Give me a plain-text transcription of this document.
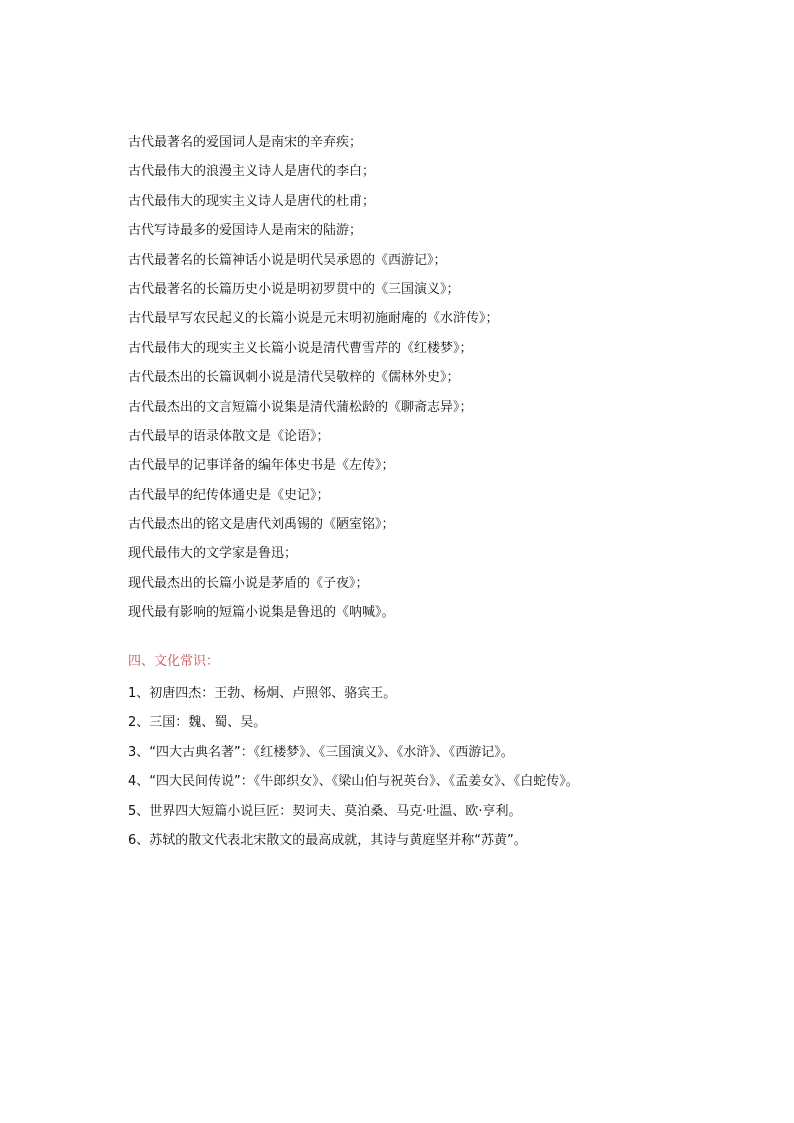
古代最著名的爱国词人是南宋的辛弃疾；
古代最伟大的浪漫主义诗人是唐代的李白；
古代最伟大的现实主义诗人是唐代的杜甫；
古代写诗最多的爱国诗人是南宋的陆游；
古代最著名的长篇神话小说是明代吴承恩的《西游记》；
古代最著名的长篇历史小说是明初罗贯中的《三国演义》；
古代最早写农民起义的长篇小说是元末明初施耐庵的《水浒传》；
古代最伟大的现实主义长篇小说是清代曹雪芹的《红楼梦》；
古代最杰出的长篇讽刺小说是清代吴敬梓的《儒林外史》；
古代最杰出的文言短篇小说集是清代蒲松龄的《聊斋志异》；
古代最早的语录体散文是《论语》；
古代最早的记事详备的编年体史书是《左传》；
古代最早的纪传体通史是《史记》；
古代最杰出的铭文是唐代刘禹锡的《陋室铭》；
现代最伟大的文学家是鲁迅；
现代最杰出的长篇小说是茅盾的《子夜》；
现代最有影响的短篇小说集是鲁迅的《呐喊》。
四、文化常识：
1、初唐四杰：王勃、杨炯、卢照邻、骆宾王。
2、三国：魏、蜀、吴。
3、“四大古典名著”：《红楼梦》、《三国演义》、《水浒》、《西游记》。
4、“四大民间传说”：《牛郎织女》、《梁山伯与祝英台》、《孟姜女》、《白蛇传》。
5、世界四大短篇小说巨匠：契诃夫、莫泊桑、马克·吐温、欧·亨利。
6、苏轼的散文代表北宋散文的最高成就，其诗与黄庭坚并称“苏黄”。
